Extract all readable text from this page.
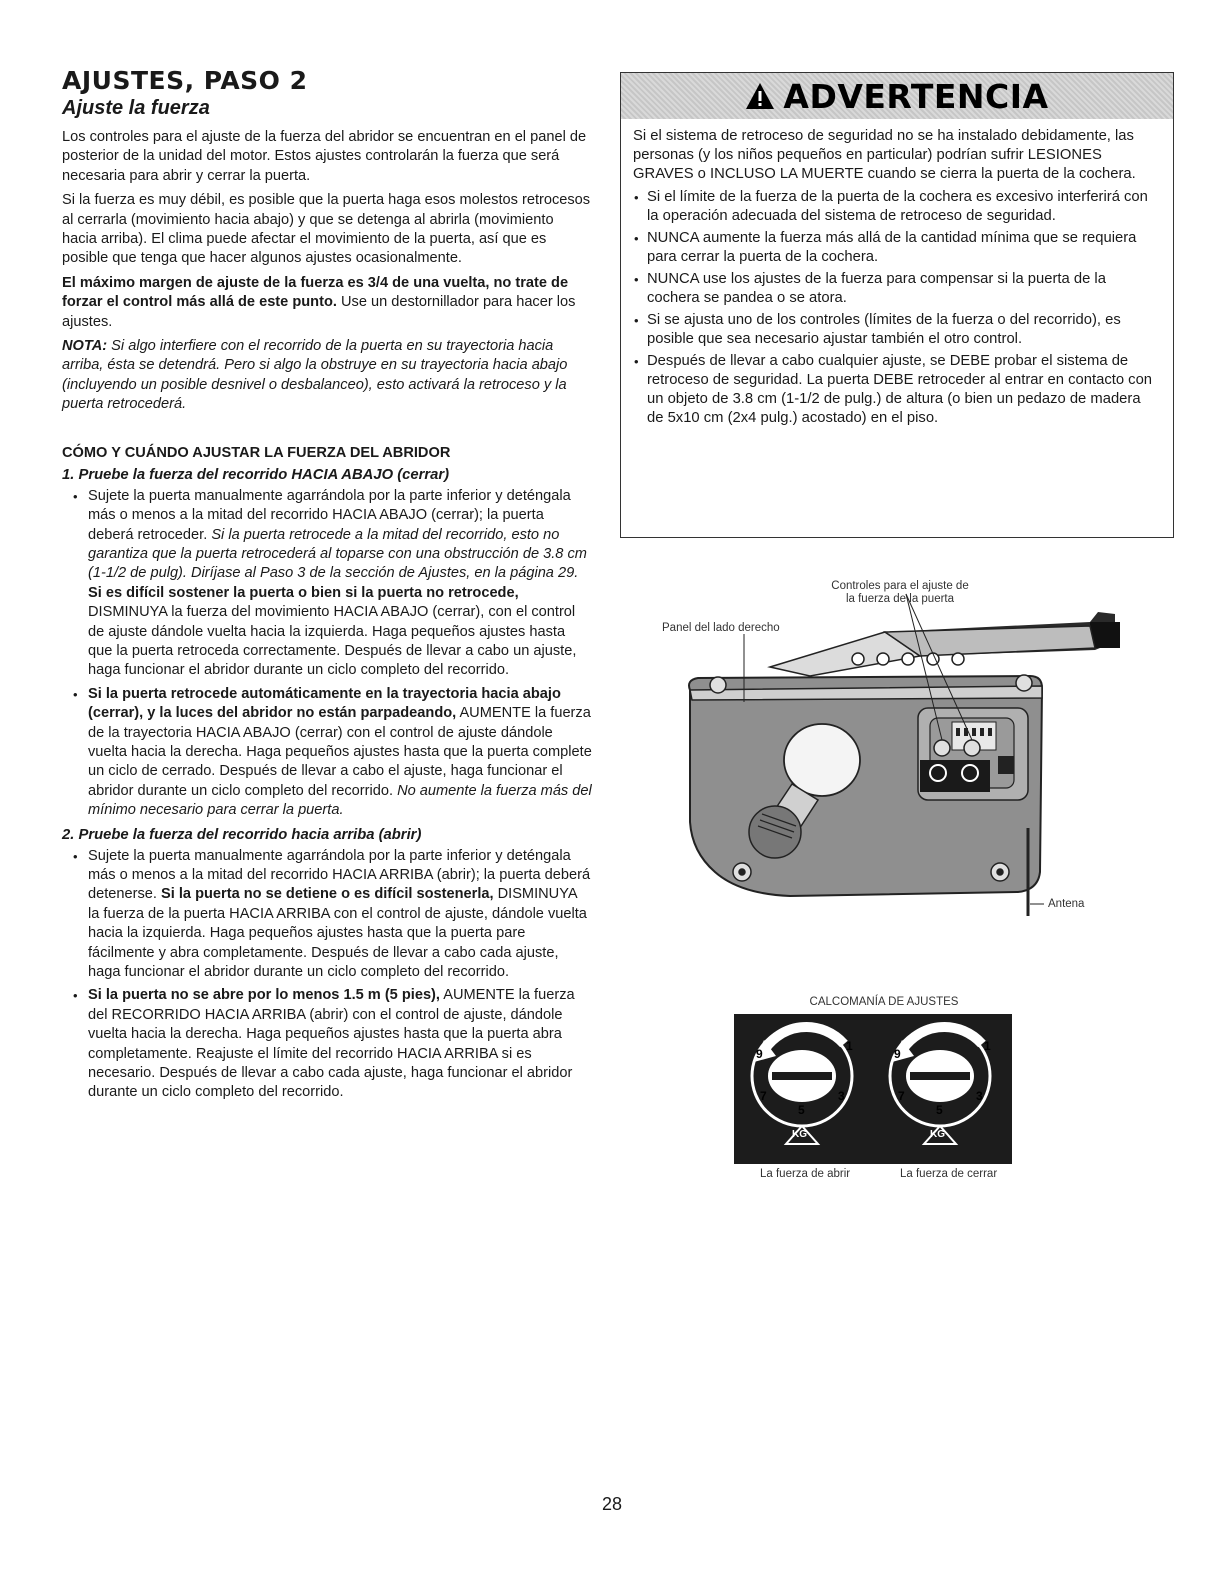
AJUSTES, PASO 2
Ajuste la fuerza

Los controles para el ajuste de la fuerza del abridor se encuentran en el panel de posterior de la unidad del motor. Estos ajustes controlarán la fuerza que será necesaria para abrir y cerrar la puerta.

Si la fuerza es muy débil, es posible que la puerta haga esos molestos retrocesos al cerrarla (movimiento hacia abajo) y que se detenga al abrirla (movimiento hacia arriba). El clima puede afectar el movimiento de la puerta, así que es posible que tenga que hacer algunos ajustes ocasionalmente.

El máximo margen de ajuste de la fuerza es 3/4 de una vuelta, no trate de forzar el control más allá de este punto. Use un destornillador para hacer los ajustes.

NOTA: Si algo interfiere con el recorrido de la puerta en su trayectoria hacia arriba, ésta se detendrá. Pero si algo la obstruye en su trayectoria hacia abajo (incluyendo un posible desnivel o desbalanceo), esto activará la retroceso y la puerta retrocederá.

CÓMO Y CUÁNDO AJUSTAR LA FUERZA DEL ABRIDOR
1. Pruebe la fuerza del recorrido HACIA ABAJO (cerrar)
• Sujete la puerta manualmente agarrándola por la parte inferior y deténgala más o menos a la mitad del recorrido HACIA ABAJO (cerrar); la puerta deberá retroceder. Si la puerta retrocede a la mitad del recorrido, esto no garantiza que la puerta retrocederá al toparse con una obstrucción de 3.8 cm (1-1/2 de pulg). Diríjase al Paso 3 de la sección de Ajustes, en la página 29. Si es difícil sostener la puerta o bien si la puerta no retrocede, DISMINUYA la fuerza del movimiento HACIA ABAJO (cerrar), con el control de ajuste dándole vuelta hacia la izquierda. Haga pequeños ajustes hasta que la puerta retroceda correctamente. Después de llevar a cabo un ajuste, haga funcionar el abridor durante un ciclo completo del recorrido.
• Si la puerta retrocede automáticamente en la trayectoria hacia abajo (cerrar), y la luces del abridor no están parpadeando, AUMENTE la fuerza de la trayectoria HACIA ABAJO (cerrar) con el control de ajuste dándole vuelta hacia la derecha. Haga pequeños ajustes hasta que la puerta complete un ciclo de cerrado. Después de llevar a cabo el ajuste, haga funcionar el abridor durante un ciclo completo del recorrido. No aumente la fuerza más del mínimo necesario para cerrar la puerta.
2. Pruebe la fuerza del recorrido hacia arriba (abrir)
• Sujete la puerta manualmente agarrándola por la parte inferior y deténgala más o menos a la mitad del recorrido HACIA ARRIBA (abrir); la puerta deberá detenerse. Si la puerta no se detiene o es difícil sostenerla, DISMINUYA la fuerza de la puerta HACIA ARRIBA con el control de ajuste, dándole vuelta hacia la izquierda. Haga pequeños ajustes hasta que la puerta pare fácilmente y abra completamente. Después de llevar a cabo cada ajuste, haga funcionar el abridor durante un ciclo completo del recorrido.
• Si la puerta no se abre por lo menos 1.5 m (5 pies), AUMENTE la fuerza del RECORRIDO HACIA ARRIBA (abrir) con el control de ajuste, dándole vuelta hacia la derecha. Haga pequeños ajustes hasta que la puerta abra completamente. Reajuste el límite del recorrido HACIA ARRIBA si es necesario. Después de llevar a cabo cada ajuste, haga funcionar el abridor durante un ciclo completo del recorrido.
ADVERTENCIA

Si el sistema de retroceso de seguridad no se ha instalado debidamente, las personas (y los niños pequeños en particular) podrían sufrir LESIONES GRAVES o INCLUSO LA MUERTE cuando se cierra la puerta de la cochera.

• Si el límite de la fuerza de la puerta de la cochera es excesivo interferirá con la operación adecuada del sistema de retroceso de seguridad.
• NUNCA aumente la fuerza más allá de la cantidad mínima que se requiera para cerrar la puerta de la cochera.
• NUNCA use los ajustes de la fuerza para compensar si la puerta de la cochera se pandea o se atora.
• Si se ajusta uno de los controles (límites de la fuerza o del recorrido), es posible que sea necesario ajustar también el otro control.
• Después de llevar a cabo cualquier ajuste, se DEBE probar el sistema de retroceso de seguridad. La puerta DEBE retroceder al entrar en contacto con un objeto de 3.8 cm (1-1/2 de pulg.) de altura (o bien un pedazo de madera de 5x10 cm (2x4 pulg.) acostado) en el piso.
Controles para el ajuste de la fuerza de la puerta
Panel del lado derecho
Antena
CALCOMANÍA DE AJUSTES
9
1
7	3
5
9
1
7	3
5
KG	KG
La fuerza de abrir	La fuerza de cerrar
28
